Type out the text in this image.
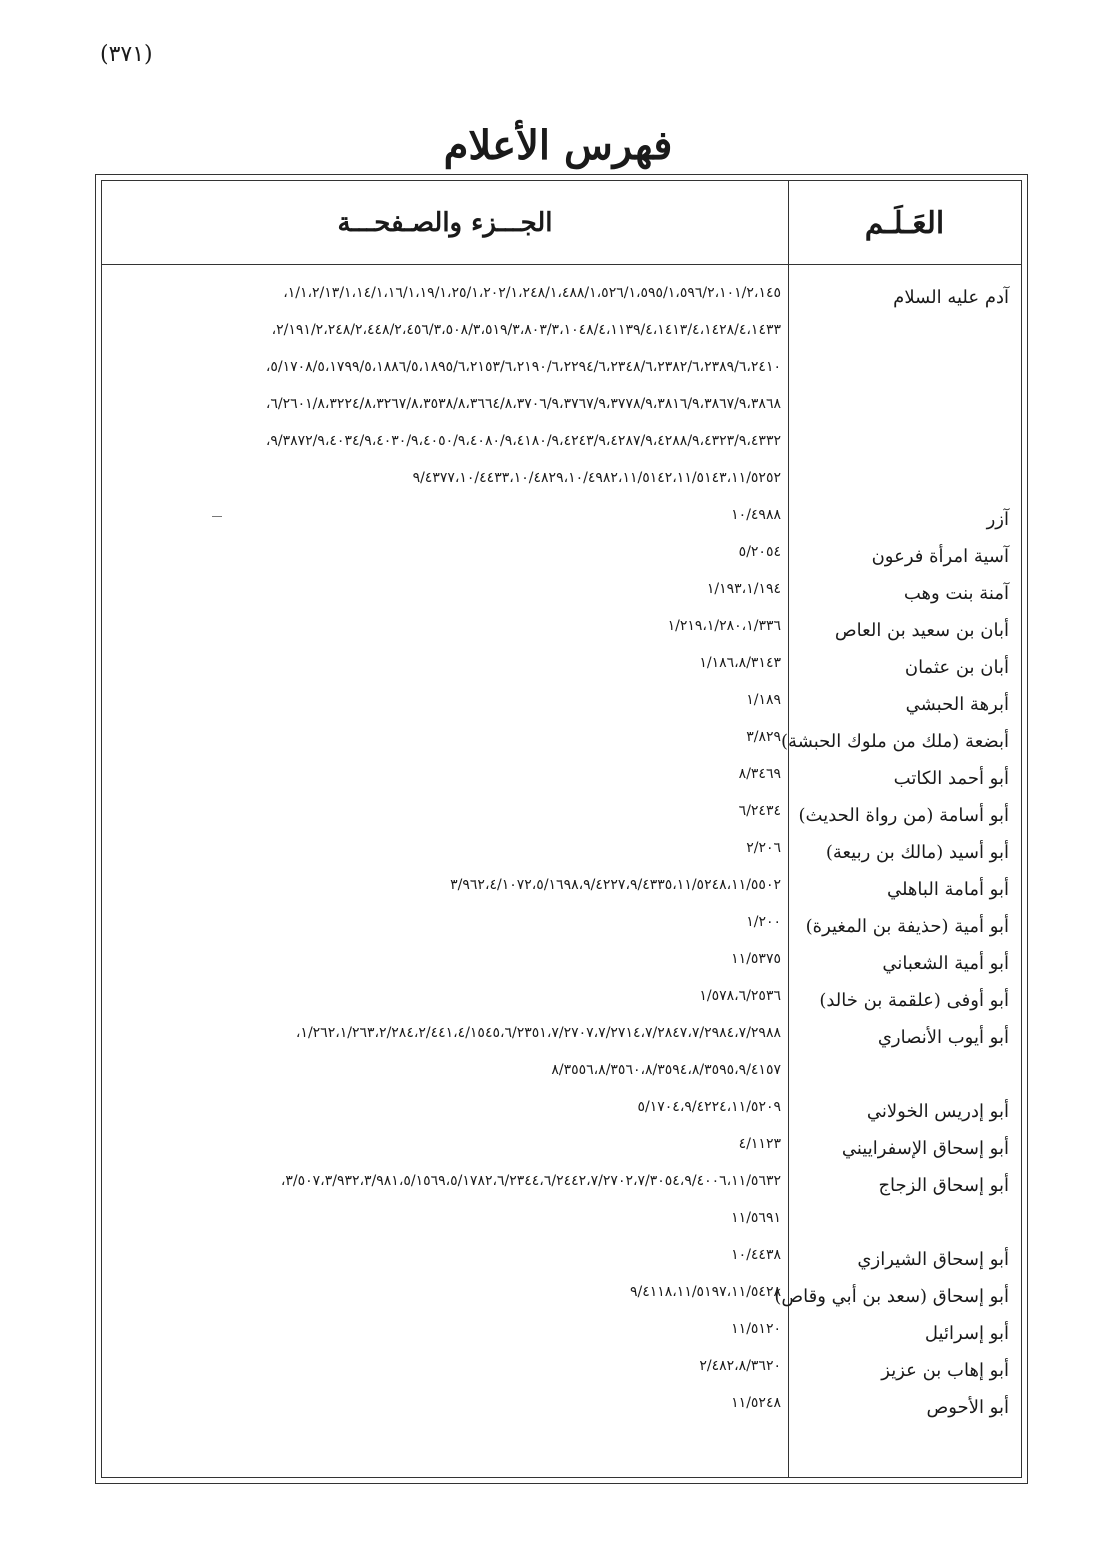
(٣٧١)
فهرس الأعلام
العَـلَـم
الجـــزء والصـفحـــة
آدم عليه السلام
١/١،٢/١٣/١،١٤/١،١٦/١،١٩/١،٢٥/١،٢٠٢/١،٢٤٨/١،٤٨٨/١،٥٢٦/١،٥٩٥/١،٥٩٦/٢،١٠١/٢،١٤٥،
٢/١٩١/٢،٢٤٨/٢،٤٤٨/٢،٤٥٦/٣،٥٠٨/٣،٥١٩/٣،٨٠٣/٣،١٠٤٨/٤،١١٣٩/٤،١٤١٣/٤،١٤٢٨/٤،١٤٣٣،
٥/١٧٠٨/٥،١٧٩٩/٥،١٨٨٦/٥،١٨٩٥/٦،٢١٥٣/٦،٢١٩٠/٦،٢٢٩٤/٦،٢٣٤٨/٦،٢٣٨٢/٦،٢٣٨٩/٦،٢٤١٠،
٦/٢٦٠١/٨،٣٢٢٤/٨،٣٢٦٧/٨،٣٥٣٨/٨،٣٦٦٤/٨،٣٧٠٦/٩،٣٧٦٧/٩،٣٧٧٨/٩،٣٨١٦/٩،٣٨٦٧/٩،٣٨٦٨،
٩/٣٨٧٢/٩،٤٠٣٤/٩،٤٠٣٠/٩،٤٠٥٠/٩،٤٠٨٠/٩،٤١٨٠/٩،٤٢٤٣/٩،٤٢٨٧/٩،٤٢٨٨/٩،٤٣٢٣/٩،٤٣٣٢،
٩/٤٣٧٧،١٠/٤٤٣٣،١٠/٤٨٢٩،١٠/٤٩٨٢،١١/٥١٤٢،١١/٥١٤٣،١١/٥٢٥٢
آزر
١٠/٤٩٨٨
آسية امرأة فرعون
٥/٢٠٥٤
آمنة بنت وهب
١/١٩٣،١/١٩٤
أبان بن سعيد بن العاص
١/٢١٩،١/٢٨٠،١/٣٣٦
أبان بن عثمان
١/١٨٦،٨/٣١٤٣
أبرهة الحبشي
١/١٨٩
أبضعة (ملك من ملوك الحبشة)
٣/٨٢٩
أبو أحمد الكاتب
٨/٣٤٦٩
أبو أسامة (من رواة الحديث)
٦/٢٤٣٤
أبو أسيد (مالك بن ربيعة)
٢/٢٠٦
أبو أمامة الباهلي
٣/٩٦٢،٤/١٠٧٢،٥/١٦٩٨،٩/٤٢٢٧،٩/٤٣٣٥،١١/٥٢٤٨،١١/٥٥٠٢
أبو أمية (حذيفة بن المغيرة)
١/٢٠٠
أبو أمية الشعباني
١١/٥٣٧٥
أبو أوفى (علقمة بن خالد)
١/٥٧٨،٦/٢٥٣٦
أبو أيوب الأنصاري
١/٢٦٢،١/٢٦٣،٢/٢٨٤،٢/٤٤١،٤/١٥٤٥،٦/٢٣٥١،٧/٢٧٠٧،٧/٢٧١٤،٧/٢٨٤٧،٧/٢٩٨٤،٧/٢٩٨٨،
٨/٣٥٥٦،٨/٣٥٦٠،٨/٣٥٩٤،٨/٣٥٩٥،٩/٤١٥٧
أبو إدريس الخولاني
٥/١٧٠٤،٩/٤٢٢٤،١١/٥٢٠٩
أبو إسحاق الإسفراييني
٤/١١٢٣
أبو إسحاق الزجاج
٣/٥٠٧،٣/٩٣٢،٣/٩٨١،٥/١٥٦٩،٥/١٧٨٢،٦/٢٣٤٤،٦/٢٤٤٢،٧/٢٧٠٢،٧/٣٠٥٤،٩/٤٠٠٦،١١/٥٦٣٢،
١١/٥٦٩١
أبو إسحاق الشيرازي
١٠/٤٤٣٨
أبو إسحاق (سعد بن أبي وقاص)
٩/٤١١٨،١١/٥١٩٧،١١/٥٤٢٨
أبو إسرائيل
١١/٥١٢٠
أبو إهاب بن عزيز
٢/٤٨٢،٨/٣٦٢٠
أبو الأحوص
١١/٥٢٤٨
